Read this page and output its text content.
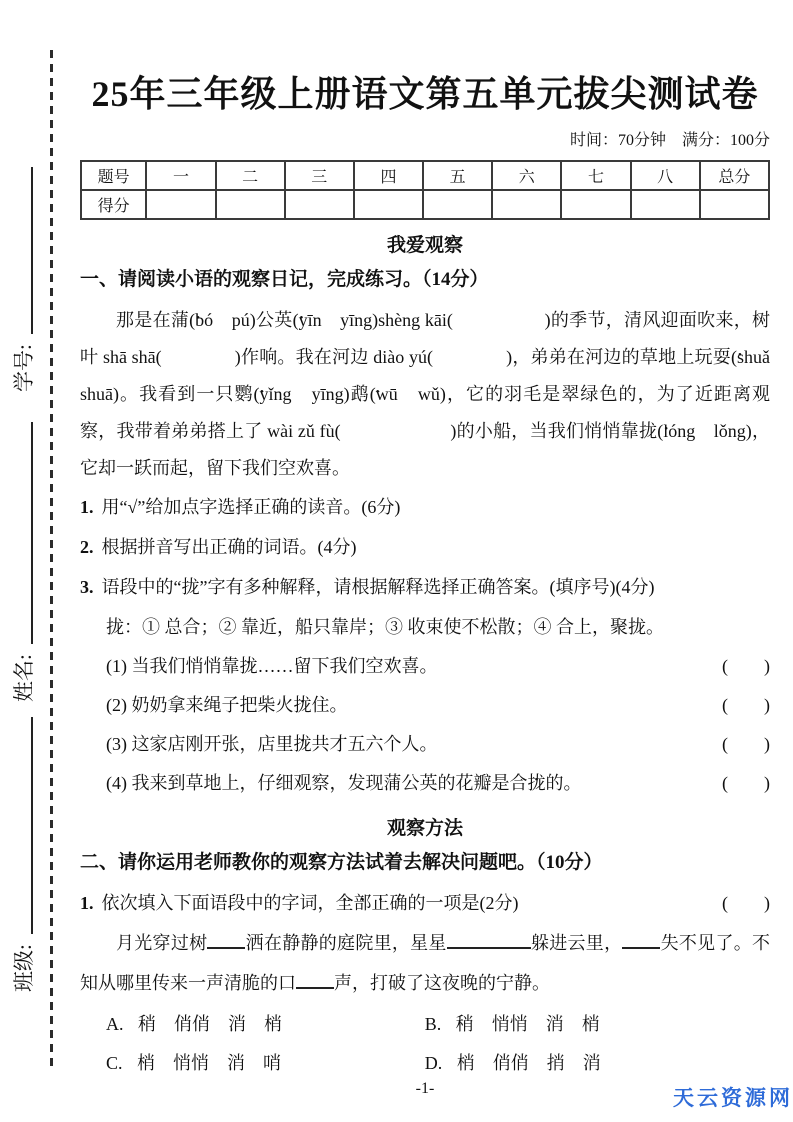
学号:
姓名:
班级:
25年三年级上册语文第五单元拔尖测试卷
时间：70分钟　满分：100分
题号	一	二	三	四	五	六	七	八	总分
得分									
我爱观察
一、请阅读小语的观察日记，完成练习。（14分）

那是在蒲 •(bó　pú)公英 •(yīn　yīng)shèng kāi(　　　　　)的季节，清风迎面吹来，树叶 shā shā(　　　　)作响。我在河边 diào yú(　　　　)，弟弟在河边的草地上玩耍 •(shuǎ　shuā)。我看到一只鹦 •(yǐng　yīng)鹉 •(wū　wǔ)，它的羽毛是翠绿色的，为了近距离观察，我带着弟弟搭上了 wài zǔ fù(　　　　　　)的小船，当我们悄悄靠拢 •(lóng　lǒng)，它却一跃而起，留下我们空欢喜。

1. 用“√”给加点字选择正确的读音。(6分)
2. 根据拼音写出正确的词语。(4分)
3. 语段中的“拢”字有多种解释，请根据解释选择正确答案。(填序号)(4分)
拢：① 总合；② 靠近，船只靠岸；③ 收束使不松散；④ 合上，聚拢。
(1)
当我们悄悄靠拢 •……留下我们空欢喜。	(　　)
(2)
奶奶拿来绳子把柴火拢 •住。	(　　)
(3)
这家店刚开张，店里拢 •共才五六个人。	(　　)
(4)
我来到草地上，仔细观察，发现蒲公英的花瓣是合拢 •的。	(　　)
观察方法
二、请你运用老师教你的观察方法试着去解决问题吧。（10分）
1. 依次填入下面语段中的字词，全 •部 •正 •确 •的一项是(2分)	(　　)

月光穿过树 洒在静静的庭院里，星星	躲进云里， 失不见了。不知从哪里传来一声清脆的口 声，打破了这夜晚的宁静。

A. 稍　俏俏　消　梢	B. 稍　悄悄　消　梢
C. 梢　悄悄　消　哨	D. 梢　俏俏　捎　消
-1-	天云资源网
